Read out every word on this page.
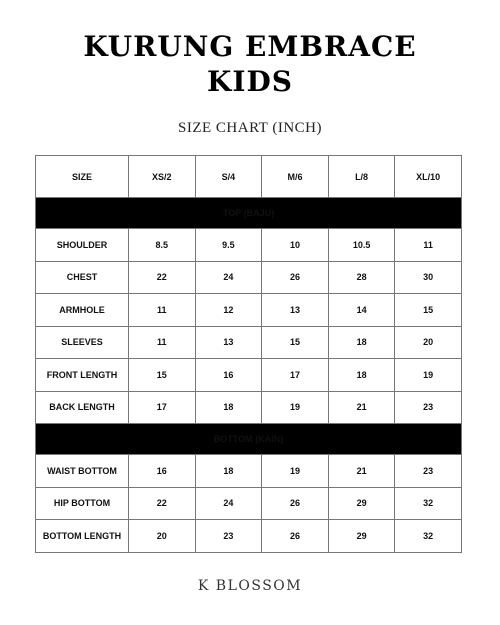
KURUNG EMBRACE
KIDS
SIZE CHART (INCH)
SIZE	XS/2	S/4	M/6	L/8	XL/10
TOP (BAJU)					
SHOULDER	8.5	9.5	10	10.5	11
CHEST	22	24	26	28	30
ARMHOLE	11	12	13	14	15
SLEEVES	11	13	15	18	20
FRONT LENGTH	15	16	17	18	19
BACK LENGTH	17	18	19	21	23
BOTTOM (KAIN)					
WAIST BOTTOM	16	18	19	21	23
HIP BOTTOM	22	24	26	29	32
BOTTOM LENGTH	20	23	26	29	32
K BLOSSOM
